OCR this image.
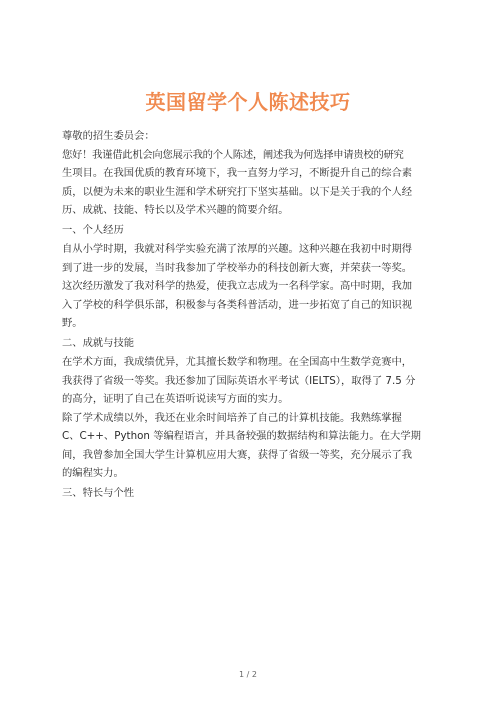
英国留学个人陈述技巧
尊敬的招生委员会：
您好！我谨借此机会向您展示我的个人陈述，阐述我为何选择申请贵校的研究
生项目。在我国优质的教育环境下，我一直努力学习，不断提升自己的综合素
质，以便为未来的职业生涯和学术研究打下坚实基础。以下是关于我的个人经
历、成就、技能、特长以及学术兴趣的简要介绍。
一、个人经历
自从小学时期，我就对科学实验充满了浓厚的兴趣。这种兴趣在我初中时期得
到了进一步的发展，当时我参加了学校举办的科技创新大赛，并荣获一等奖。
这次经历激发了我对科学的热爱，使我立志成为一名科学家。高中时期，我加
入了学校的科学俱乐部，积极参与各类科普活动，进一步拓宽了自己的知识视
野。
二、成就与技能
在学术方面，我成绩优异，尤其擅长数学和物理。在全国高中生数学竞赛中，
我获得了省级一等奖。我还参加了国际英语水平考试（IELTS），取得了 7.5 分
的高分，证明了自己在英语听说读写方面的实力。
除了学术成绩以外，我还在业余时间培养了自己的计算机技能。我熟练掌握
C、C++、Python 等编程语言，并具备较强的数据结构和算法能力。在大学期
间，我曾参加全国大学生计算机应用大赛，获得了省级一等奖，充分展示了我
的编程实力。
三、特长与个性
1 / 2
